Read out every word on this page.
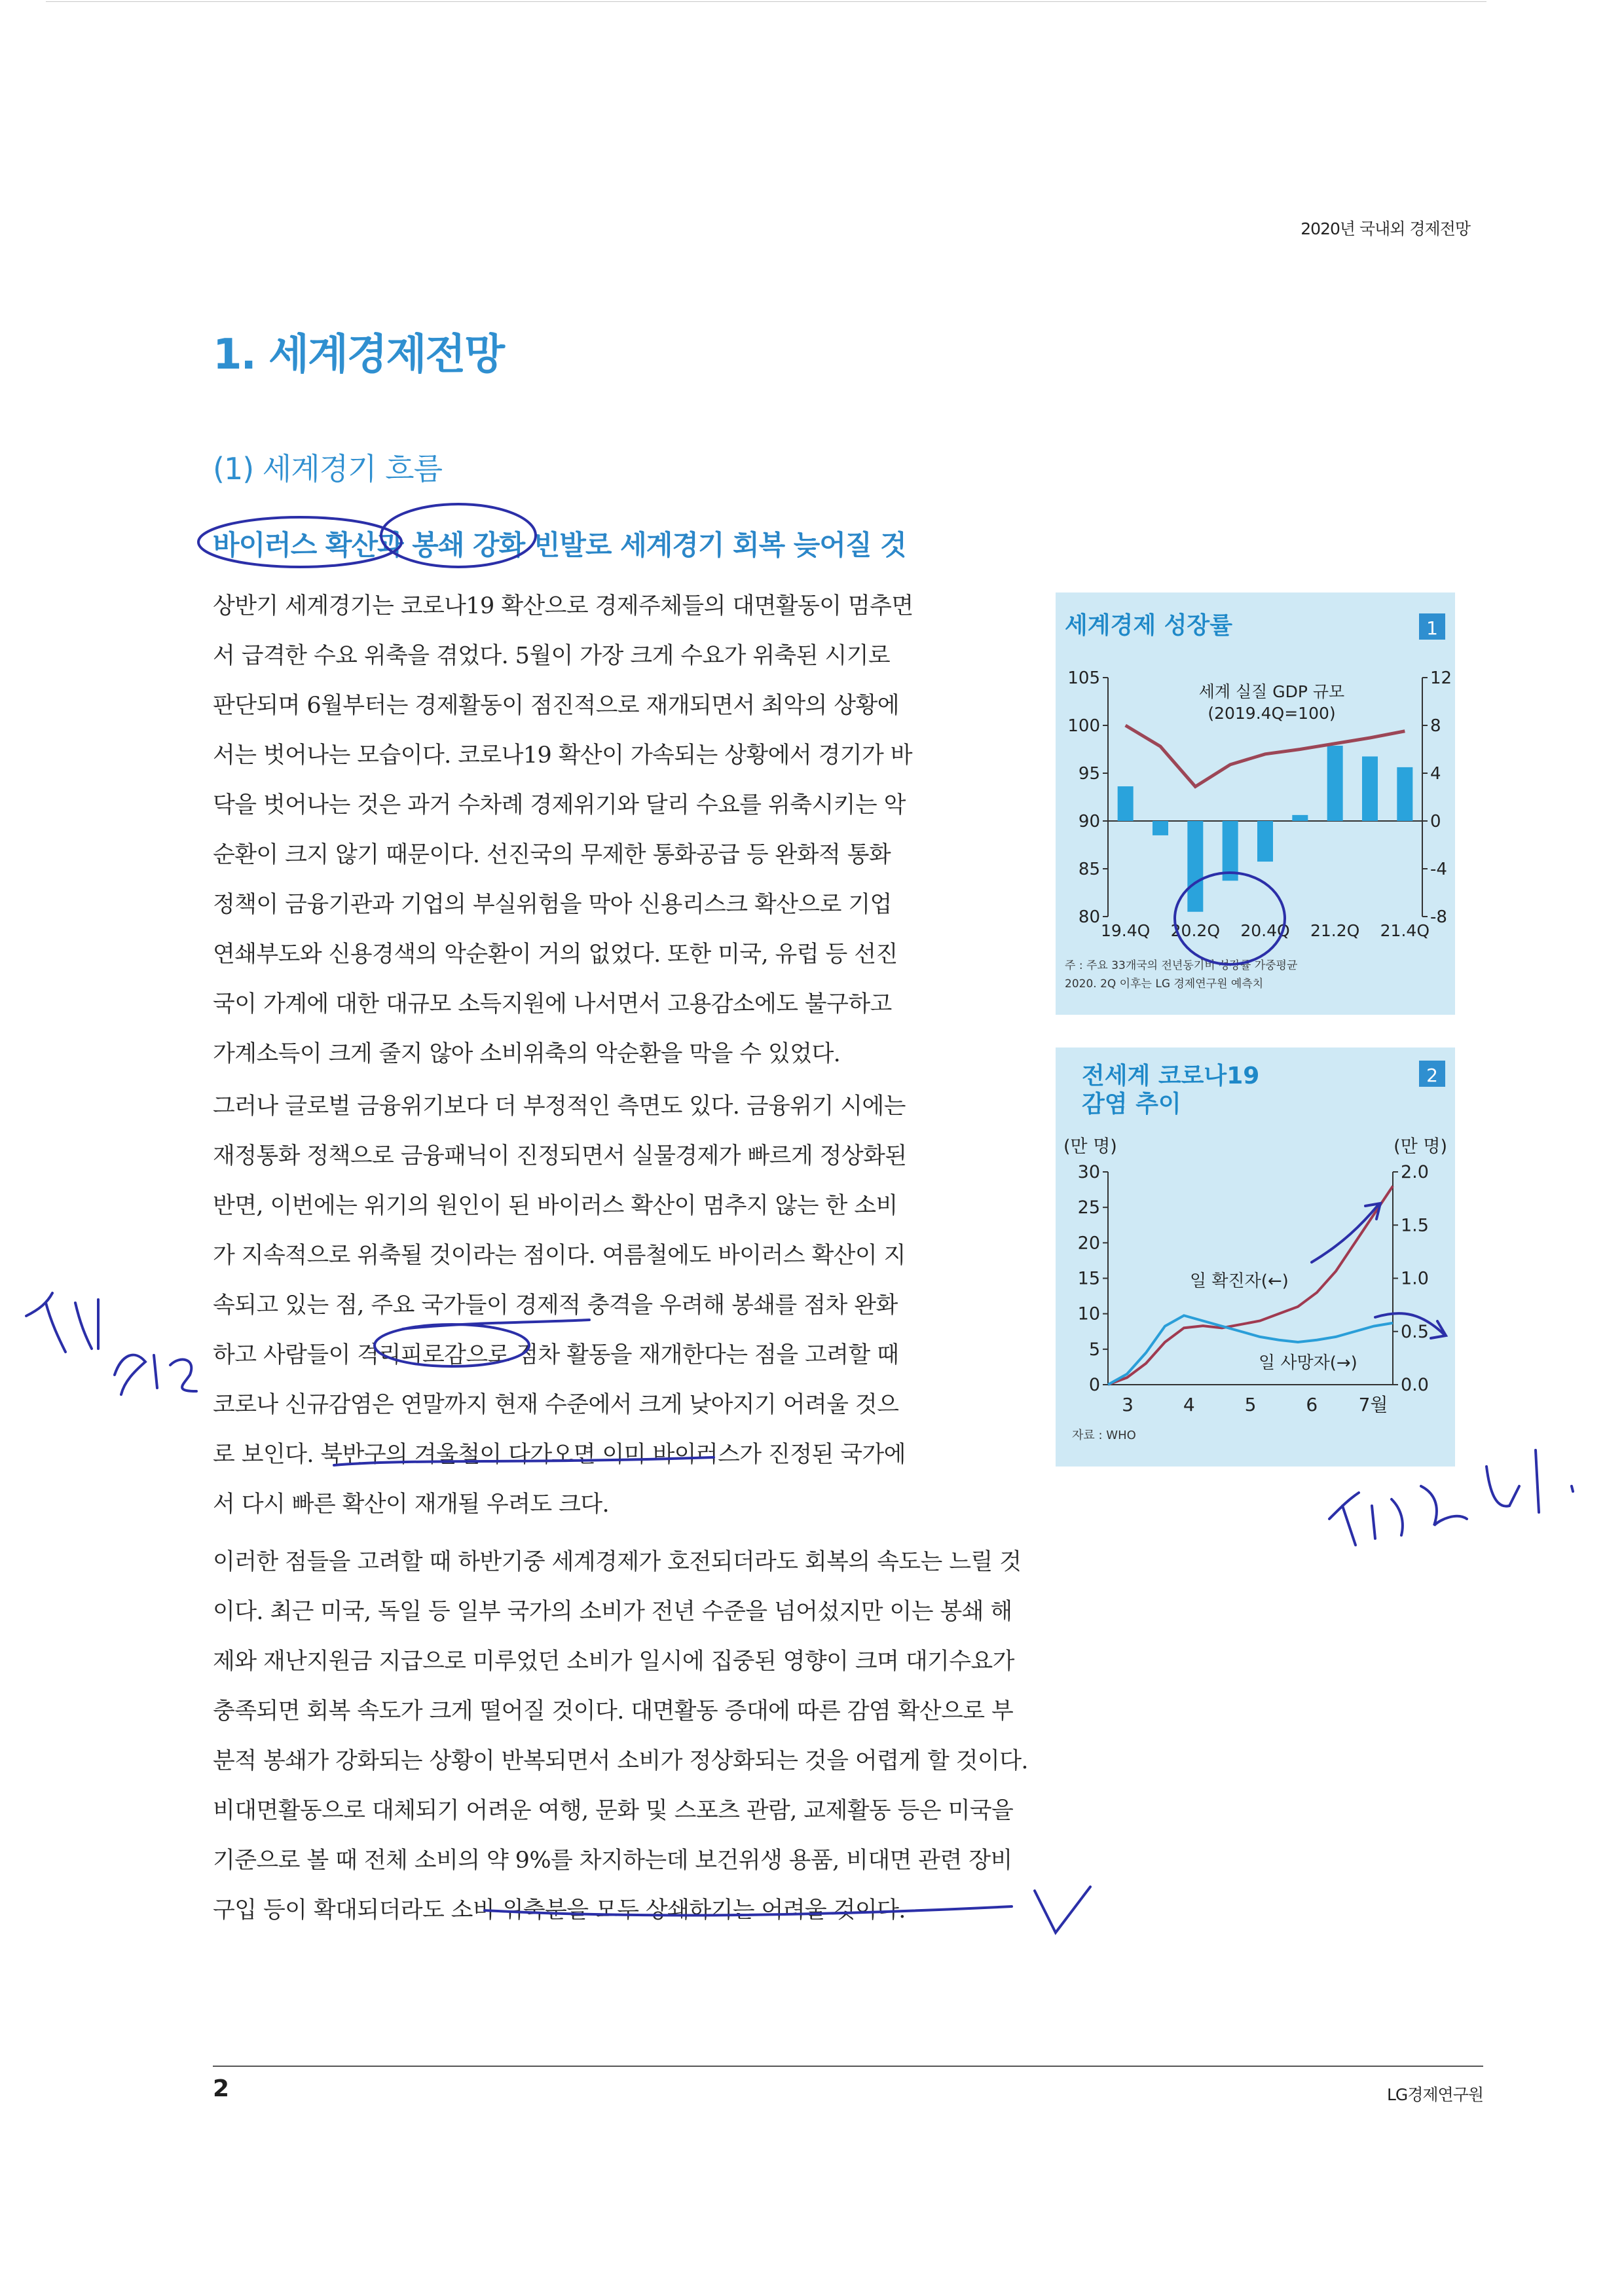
2020년 국내외 경제전망
1. 세계경제전망
(1) 세계경기 흐름
바이러스 확산과 봉쇄 강화 빈발로 세계경기 회복 늦어질 것

상반기 세계경기는 코로나19 확산으로 경제주체들의 대면활동이 멈추면
서 급격한 수요 위축을 겪었다. 5월이 가장 크게 수요가 위축된 시기로
판단되며 6월부터는 경제활동이 점진적으로 재개되면서 최악의 상황에
서는 벗어나는 모습이다. 코로나19 확산이 가속되는 상황에서 경기가 바
닥을 벗어나는 것은 과거 수차례 경제위기와 달리 수요를 위축시키는 악
순환이 크지 않기 때문이다. 선진국의 무제한 통화공급 등 완화적 통화
정책이 금융기관과 기업의 부실위험을 막아 신용리스크 확산으로 기업
연쇄부도와 신용경색의 악순환이 거의 없었다. 또한 미국, 유럽 등 선진
국이 가계에 대한 대규모 소득지원에 나서면서 고용감소에도 불구하고
가계소득이 크게 줄지 않아 소비위축의 악순환을 막을 수 있었다.

그러나 글로벌 금융위기보다 더 부정적인 측면도 있다. 금융위기 시에는
재정통화 정책으로 금융패닉이 진정되면서 실물경제가 빠르게 정상화된
반면, 이번에는 위기의 원인이 된 바이러스 확산이 멈추지 않는 한 소비
가 지속적으로 위축될 것이라는 점이다. 여름철에도 바이러스 확산이 지
속되고 있는 점, 주요 국가들이 경제적 충격을 우려해 봉쇄를 점차 완화
하고 사람들이 격리피로감으로 점차 활동을 재개한다는 점을 고려할 때
코로나 신규감염은 연말까지 현재 수준에서 크게 낮아지기 어려울 것으
로 보인다. 북반구의 겨울철이 다가오면 이미 바이러스가 진정된 국가에
서 다시 빠른 확산이 재개될 우려도 크다.

이러한 점들을 고려할 때 하반기중 세계경제가 호전되더라도 회복의 속도는 느릴 것
이다. 최근 미국, 독일 등 일부 국가의 소비가 전년 수준을 넘어섰지만 이는 봉쇄 해
제와 재난지원금 지급으로 미루었던 소비가 일시에 집중된 영향이 크며 대기수요가
충족되면 회복 속도가 크게 떨어질 것이다. 대면활동 증대에 따른 감염 확산으로 부
분적 봉쇄가 강화되는 상황이 반복되면서 소비가 정상화되는 것을 어렵게 할 것이다.
비대면활동으로 대체되기 어려운 여행, 문화 및 스포츠 관람, 교제활동 등은 미국을
기준으로 볼 때 전체 소비의 약 9%를 차지하는데 보건위생 용품, 비대면 관련 장비
구입 등이 확대되더라도 소비 위축분을 모두 상쇄하기는 어려울 것이다.

세계경제 성장률	1
80
85
90
95
100
105
-8
-4
0
4
8
12
세계 실질 GDP 규모
(2019.4Q=100)
19.4Q 20.2Q 20.4Q 21.2Q 21.4Q
주 : 주요 33개국의 전년동기비 성장률 가중평균
2020. 2Q 이후는 LG 경제연구원 예측치
전세계 코로나19
감염 추이
2
(만 명)	(만 명)
0
5
10
15
20
25
30
0.0
0.5
1.0
1.5
2.0
3	4	5	6 7월
일 확진자(←)
일 사망자(→)
자료 : WHO
2	LG경제연구원
